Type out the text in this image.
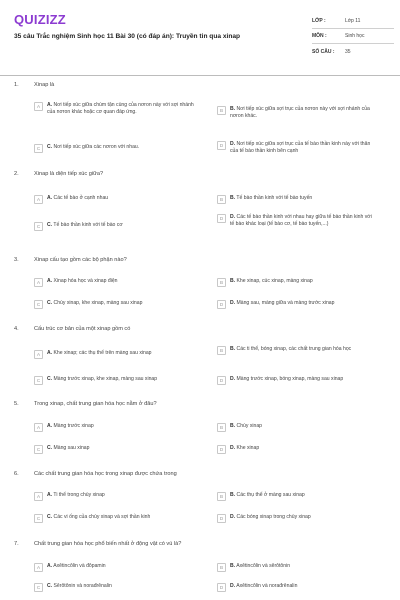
QUIZIZZ
35 câu Trắc nghiệm Sinh học 11 Bài 30 (có đáp án): Truyền tin qua xinap
LỚP :	Lớp 11
MÔN :	Sinh học
SỐ CÂU :	35
1.	Xinap là
A	A. Nơi tiếp xúc giữa chùm tận cùng của nơron này với sợi nhánh của nơron khác hoặc cơ quan đáp ứng.	B	B. Nơi tiếp xúc giữa sợi trục của nơron này với sợi nhánh của nơron khác.
C	C. Nơi tiếp xúc giữa các nơron với nhau.	D	D. Nơi tiếp xúc giữa sợi trục của tế bào thần kinh này với thân của tế bào thần kinh bên cạnh
2.	Xinap là diện tiếp xúc giữa?
A	A. Các tế bào ở cạnh nhau	B	B. Tế bào thần kinh với tế bào tuyến
C	C. Tế bào thần kinh với tế bào cơ
D	D. Các tế bào thần kinh với nhau hay giữa tế bào thần kinh với tế bào khác loại (tế bào cơ, tế bào tuyến,...)
3.	Xinap cấu tạo gồm các bộ phận nào?
A	A. Xinap hóa học và xinap điện	B	B. Khe xinap, cúc xinap, màng xinap
C	C. Chùy xinap, khe xinap, màng sau xinap	D	D. Màng sau, màng giữa và màng trước xinap
4.	Cấu trúc cơ bản của một xinap gồm có
A	A. Khe xinap; các thụ thể trên màng sau xinap	B	B. Các ti thể, bóng xinap, các chất trung gian hóa học
C	C. Màng trước xinap, khe xinap, màng sau xinap	D	D. Màng trước xinap, bóng xinap, màng sau xinap
5.	Trong xinap, chất trung gian hóa học nằm ở đâu?
A	A. Màng trước xinap	B	B. Chùy xinap
C	C. Màng sau xinap	D	D. Khe xinap
6.	Các chất trung gian hóa học trong xinap được chứa trong
A	A. Ti thể trong chùy xinap	B	B. Các thụ thể ở màng sau xinap
C	C. Các vi ống của chùy xinap và sợi thần kinh	D	D. Các bóng xinap trong chùy xinap
7.	Chất trung gian hóa học phổ biến nhất ở động vật có vú là?
A	A. Axêtincôlin và đôpamin	B	B. Axêtincôlin và sêrôtônin
C	C. Sêrôtônin và norađrênalin	D	D. Axêtincôlin và norađrênalin
